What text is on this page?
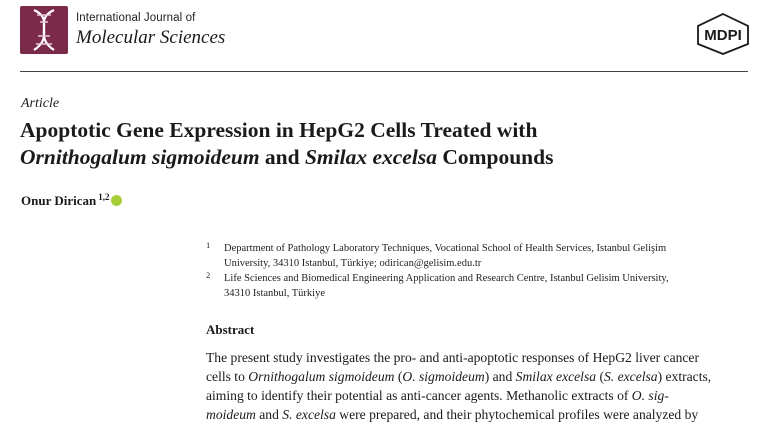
International Journal of
Molecular Sciences	MDPI
Article
Apoptotic Gene Expression in HepG2 Cells Treated with
Ornithogalum sigmoideum and Smilax excelsa Compounds
Onur Dirican $^{1,2}$
1 Department of Pathology Laboratory Techniques, Vocational School of Health Services, Istanbul Gelişim
University, 34310 Istanbul, Türkiye; odirican@gelisim.edu.tr
2 Life Sciences and Biomedical Engineering Application and Research Centre, Istanbul Gelisim University,
34310 Istanbul, Türkiye
Abstract
The present study investigates the pro- and anti-apoptotic responses of HepG2 liver cancer
cells to Ornithogalum sigmoideum (O. sigmoideum) and Smilax excelsa (S. excelsa) extracts,
aiming to identify their potential as anti-cancer agents. Methanolic extracts of O. sig-
moideum and S. excelsa were prepared, and their phytochemical profiles were analyzed by
